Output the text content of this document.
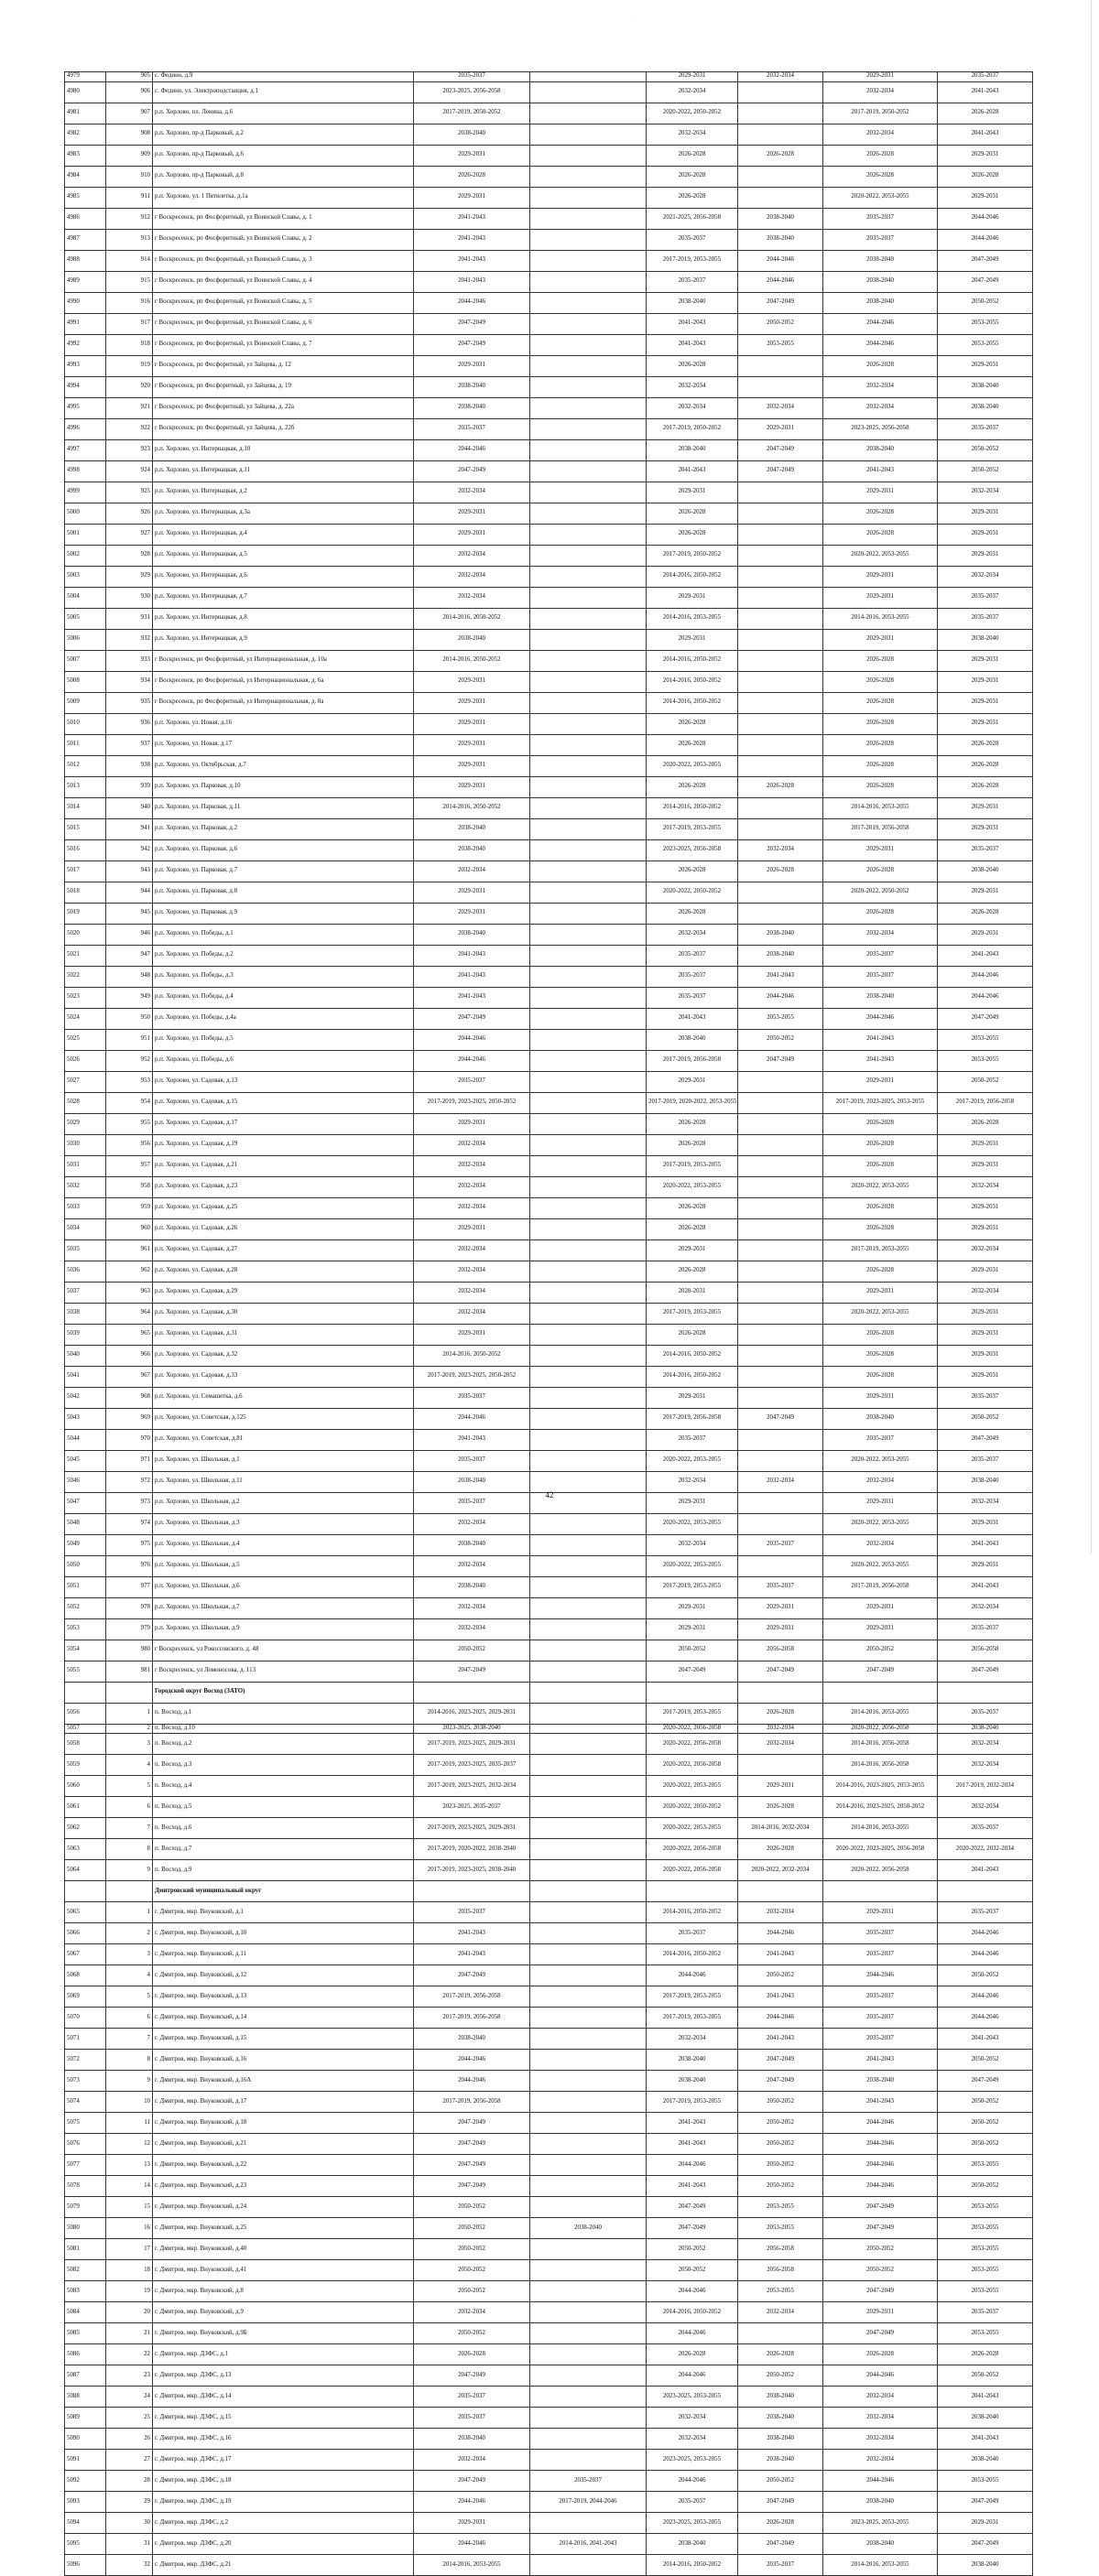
·
4979	905	с. Федино, д.9	2035-2037		2029-2031	2032-2034	2029-2031	2035-2037
4980	906	с. Федино, ул. Электроподстанция, д.1	2023-2025, 2056-2058		2032-2034		2032-2034	2041-2043
4981	907	р.п. Хорлово, пл. Ленина, д.6	2017-2019, 2050-2052		2020-2022, 2050-2052		2017-2019, 2050-2052	2026-2028
4982	908	р.п. Хорлово, пр-д Парковый, д.2	2038-2040		2032-2034		2032-2034	2041-2043
4983	909	р.п. Хорлово, пр-д Парковый, д.6	2029-2031		2026-2028	2026-2028	2026-2028	2029-2031
4984	910	р.п. Хорлово, пр-д Парковый, д.8	2026-2028		2026-2028		2026-2028	2026-2028
4985	911	р.п. Хорлово, ул. 1 Пятилетка, д.1а	2029-2031		2026-2028		2020-2022, 2053-2055	2029-2031
4986	912	г Воскресенск, рп Фосфоритный, ул Воинской Славы, д. 1	2041-2043		2021-2025, 2056-2058	2038-2040	2035-2037	2044-2046
4987	913	г Воскресенск, рп Фосфоритный, ул Воинской Славы, д. 2	2041-2043		2035-2037	2038-2040	2035-2037	2044-2046
4988	914	г Воскресенск, рп Фосфоритный, ул Воинской Славы, д. 3	2041-2043		2017-2019, 2053-2055	2044-2046	2038-2040	2047-2049
4989	915	г Воскресенск, рп Фосфоритный, ул Воинской Славы, д. 4	2041-2043		2035-2037	2044-2046	2038-2040	2047-2049
4990	916	г Воскресенск, рп Фосфоритный, ул Воинской Славы, д. 5	2044-2046		2038-2040	2047-2049	2038-2040	2050-2052
4991	917	г Воскресенск, рп Фосфоритный, ул Воинской Славы, д. 6	2047-2049		2041-2043	2050-2052	2044-2046	2053-2055
4992	918	г Воскресенск, рп Фосфоритный, ул Воинской Славы, д. 7	2047-2049		2041-2043	2053-2055	2044-2046	2053-2055
4993	919	г Воскресенск, рп Фосфоритный, ул Зайцева, д. 12	2029-2031		2026-2028		2026-2028	2029-2031
4994	920	г Воскресенск, рп Фосфоритный, ул Зайцева, д. 19	2038-2040		2032-2034		2032-2034	2038-2040
4995	921	г Воскресенск, рп Фосфоритный, ул Зайцева, д. 22а	2038-2040		2032-2034	2032-2034	2032-2034	2038-2040
4996	922	г Воскресенск, рп Фосфоритный, ул Зайцева, д. 22б	2035-2037		2017-2019, 2050-2052	2029-2031	2023-2025, 2056-2058	2035-2037
4997	923	р.п. Хорлово, ул. Интернацкая, д.10	2044-2046		2038-2040	2047-2049	2038-2040	2050-2052
4998	924	р.п. Хорлово, ул. Интернацкая, д.11	2047-2049		2041-2043	2047-2049	2041-2043	2050-2052
4999	925	р.п. Хорлово, ул. Интернацкая, д.2	2032-2034		2029-2031		2029-2031	2032-2034
5000	926	р.п. Хорлово, ул. Интернацкая, д.3а	2029-2031		2026-2028		2026-2028	2029-2031
5001	927	р.п. Хорлово, ул. Интернацкая, д.4	2029-2031		2026-2028		2026-2028	2029-2031
5002	928	р.п. Хорлово, ул. Интернацкая, д.5	2032-2034		2017-2019, 2050-2052		2020-2022, 2053-2055	2029-2031
5003	929	р.п. Хорлово, ул. Интернацкая, д.6	2032-2034		2014-2016, 2050-2052		2029-2031	2032-2034
5004	930	р.п. Хорлово, ул. Интернацкая, д.7	2032-2034		2029-2031		2029-2031	2035-2037
5005	931	р.п. Хорлово, ул. Интернацкая, д.8	2014-2016, 2050-2052		2014-2016, 2053-2055		2014-2016, 2053-2055	2035-2037
5006	932	р.п. Хорлово, ул. Интернацкая, д.9	2038-2040		2029-2031		2029-2031	2038-2040
5007	933	г Воскресенск, рп Фосфоритный, ул Интернациональная, д. 10а	2014-2016, 2050-2052		2014-2016, 2050-2052		2026-2028	2029-2031
5008	934	г Воскресенск, рп Фосфоритный, ул Интернациональная, д. 6а	2029-2031		2014-2016, 2050-2052		2026-2028	2029-2031
5009	935	г Воскресенск, рп Фосфоритный, ул Интернациональная, д. 8а	2029-2031		2014-2016, 2050-2052		2026-2028	2029-2031
5010	936	р.п. Хорлово, ул. Новая, д.16	2029-2031		2026-2028		2026-2028	2029-2031
5011	937	р.п. Хорлово, ул. Новая, д.17	2029-2031		2026-2028		2026-2028	2026-2028
5012	938	р.п. Хорлово, ул. Октябрьская, д.7	2029-2031		2020-2022, 2053-2055		2026-2028	2026-2028
5013	939	р.п. Хорлово, ул. Парковая, д.10	2029-2031		2026-2028	2026-2028	2026-2028	2026-2028
5014	940	р.п. Хорлово, ул. Парковая, д.11	2014-2016, 2050-2052		2014-2016, 2050-2052		2014-2016, 2053-2055	2029-2031
5015	941	р.п. Хорлово, ул. Парковая, д.2	2038-2040		2017-2019, 2053-2055		2017-2019, 2056-2058	2029-2031
5016	942	р.п. Хорлово, ул. Парковая, д.6	2038-2040		2023-2025, 2056-2058	2032-2034	2029-2031	2035-2037
5017	943	р.п. Хорлово, ул. Парковая, д.7	2032-2034		2026-2028	2026-2028	2026-2028	2038-2040
5018	944	р.п. Хорлово, ул. Парковая, д.8	2029-2031		2020-2022, 2050-2052		2020-2022, 2050-2052	2029-2031
5019	945	р.п. Хорлово, ул. Парковая, д.9	2029-2031		2026-2028		2026-2028	2026-2028
5020	946	р.п. Хорлово, ул. Победы, д.1	2038-2040		2032-2034	2038-2040	2032-2034	2029-2031
5021	947	р.п. Хорлово, ул. Победы, д.2	2041-2043		2035-2037	2038-2040	2035-2037	2041-2043
5022	948	р.п. Хорлово, ул. Победы, д.3	2041-2043		2035-2037	2041-2043	2035-2037	2044-2046
5023	949	р.п. Хорлово, ул. Победы, д.4	2041-2043		2035-2037	2044-2046	2038-2040	2044-2046
5024	950	р.п. Хорлово, ул. Победы, д.4а	2047-2049		2041-2043	2053-2055	2044-2046	2047-2049
5025	951	р.п. Хорлово, ул. Победы, д.5	2044-2046		2038-2040	2050-2052	2041-2043	2053-2055
5026	952	р.п. Хорлово, ул. Победы, д.6	2044-2046		2017-2019, 2056-2058	2047-2049	2041-2043	2053-2055
5027	953	р.п. Хорлово, ул. Садовая, д.13	2035-2037		2029-2031		2029-2031	2050-2052
5028	954	р.п. Хорлово, ул. Садовая, д.15	2017-2019, 2023-2025, 2050-2052		2017-2019, 2020-2022, 2053-2055		2017-2019, 2023-2025, 2053-2055	2017-2019, 2056-2058
5029	955	р.п. Хорлово, ул. Садовая, д.17	2029-2031		2026-2028		2026-2028	2026-2028
5030	956	р.п. Хорлово, ул. Садовая, д.19	2032-2034		2026-2028		2026-2028	2029-2031
5031	957	р.п. Хорлово, ул. Садовая, д.21	2032-2034		2017-2019, 2053-2055		2026-2028	2029-2031
5032	958	р.п. Хорлово, ул. Садовая, д.23	2032-2034		2020-2022, 2053-2055		2020-2022, 2053-2055	2032-2034
5033	959	р.п. Хорлово, ул. Садовая, д.25	2032-2034		2026-2028		2026-2028	2029-2031
5034	960	р.п. Хорлово, ул. Садовая, д.26	2029-2031		2026-2028		2026-2028	2029-2031
5035	961	р.п. Хорлово, ул. Садовая, д.27	2032-2034		2029-2031		2017-2019, 2053-2055	2032-2034
5036	962	р.п. Хорлово, ул. Садовая, д.28	2032-2034		2026-2028		2026-2028	2029-2031
5037	963	р.п. Хорлово, ул. Садовая, д.29	2032-2034		2020-2031		2029-2031	2032-2034
5038	964	р.п. Хорлово, ул. Садовая, д.30	2032-2034		2017-2019, 2053-2055		2020-2022, 2053-2055	2029-2031
5039	965	р.п. Хорлово, ул. Садовая, д.31	2029-2031		2026-2028		2026-2028	2029-2031
5040	966	р.п. Хорлово, ул. Садовая, д.32	2014-2016, 2050-2052		2014-2016, 2050-2052		2026-2028	2029-2031
5041	967	р.п. Хорлово, ул. Садовая, д.33	2017-2019, 2023-2025, 2050-2052		2014-2016, 2050-2052		2026-2028	2029-2031
5042	968	р.п. Хорлово, ул. Семашетка, д.6	2035-2037		2029-2031		2029-2031	2035-2037
5043	969	р.п. Хорлово, ул. Советская, д.125	2044-2046		2017-2019, 2056-2058	2047-2049	2038-2040	2050-2052
5044	970	р.п. Хорлово, ул. Советская, д.81	2041-2043		2035-2037		2035-2037	2047-2049
5045	971	р.п. Хорлово, ул. Школьная, д.1	2035-2037		2020-2022, 2053-2055		2020-2022, 2053-2055	2035-2037
5046	972	р.п. Хорлово, ул. Школьная, д.11	2038-2040		2032-2034	2032-2034	2032-2034	2038-2040
5047	973	р.п. Хорлово, ул. Школьная, д.2	2035-2037		2029-2031		2029-2031	2032-2034
5048	974	р.п. Хорлово, ул. Школьная, д.3	2032-2034		2020-2022, 2053-2055		2020-2022, 2053-2055	2029-2031
5049	975	р.п. Хорлово, ул. Школьная, д.4	2038-2040		2032-2034	2035-2037	2032-2034	2041-2043
5050	976	р.п. Хорлово, ул. Школьная, д.5	2032-2034		2020-2022, 2053-2055		2020-2022, 2053-2055	2029-2031
5051	977	р.п. Хорлово, ул. Школьная, д.6	2038-2040		2017-2019, 2053-2055	2035-2037	2017-2019, 2056-2058	2041-2043
5052	978	р.п. Хорлово, ул. Школьная, д.7	2032-2034		2029-2031	2029-2031	2029-2031	2032-2034
5053	979	р.п. Хорлово, ул. Школьная, д.9	2032-2034		2029-2031	2029-2031	2029-2031	2035-2037
5054	980	г Воскресенск, ул Рокоссовского, д. 48	2050-2052		2050-2052	2056-2058	2050-2052	2056-2058
5055	981	г Воскресенск, ул Ломоносова, д. 113	2047-2049		2047-2049	2047-2049	2047-2049	2047-2049
		Городской округ Восход (ЗАТО)						
5056	1	п. Восход, д.1	2014-2016, 2023-2025, 2029-2031		2017-2019, 2053-2055	2026-2028	2014-2016, 2053-2055	2035-2037
5057	2	п. Восход, д.10	2023-2025, 2038-2040		2020-2022, 2056-2058	2032-2034	2020-2022, 2056-2058	2038-2040
5058	3	п. Восход, д.2	2017-2019, 2023-2025, 2029-2031		2020-2022, 2056-2058	2032-2034	2014-2016, 2056-2058	2032-2034
5059	4	п. Восход, д.3	2017-2019, 2023-2025, 2035-2037		2020-2022, 2056-2058		2014-2016, 2056-2058	2032-2034
5060	5	п. Восход, д.4	2017-2019, 2023-2025, 2032-2034		2020-2022, 2053-2055	2029-2031	2014-2016, 2023-2025, 2053-2055	2017-2019, 2032-2034
5061	6	п. Восход, д.5	2023-2025, 2035-2037		2020-2022, 2050-2052	2026-2028	2014-2016, 2023-2025, 2050-2052	2032-2034
5062	7	п. Восход, д.6	2017-2019, 2023-2025, 2029-2031		2020-2022, 2053-2055	2014-2016, 2032-2034	2014-2016, 2053-2055	2035-2037
5063	8	п. Восход, д.7	2017-2019, 2020-2022, 2038-2040		2020-2022, 2056-2058	2026-2028	2020-2022, 2023-2025, 2056-2058	2020-2022, 2032-2034
5064	9	п. Восход, д.9	2017-2019, 2023-2025, 2038-2040		2020-2022, 2056-2058	2020-2022, 2032-2034	2020-2022, 2056-2058	2041-2043
		Дмитровский муниципальный округ						
5065	1	г. Дмитров, мкр. Внуковский, д.1	2035-2037		2014-2016, 2050-2052	2032-2034	2029-2031	2035-2037
5066	2	г. Дмитров, мкр. Внуковский, д.10	2041-2043		2035-2037	2044-2046	2035-2037	2044-2046
5067	3	г. Дмитров, мкр. Внуковский, д.11	2041-2043		2014-2016, 2050-2052	2041-2043	2035-2037	2044-2046
5068	4	г. Дмитров, мкр. Внуковский, д.12	2047-2049		2044-2046	2050-2052	2044-2046	2050-2052
5069	5	г. Дмитров, мкр. Внуковский, д.13	2017-2019, 2056-2058		2017-2019, 2053-2055	2041-2043	2035-2037	2044-2046
5070	6	г. Дмитров, мкр. Внуковский, д.14	2017-2019, 2056-2058		2017-2019, 2053-2055	2044-2046	2035-2037	2044-2046
5071	7	г. Дмитров, мкр. Внуковский, д.15	2038-2040		2032-2034	2041-2043	2035-2037	2041-2043
5072	8	г. Дмитров, мкр. Внуковский, д.16	2044-2046		2038-2040	2047-2049	2041-2043	2050-2052
5073	9	г. Дмитров, мкр. Внуковский, д.16А	2044-2046		2038-2040	2047-2049	2038-2040	2047-2049
5074	10	г. Дмитров, мкр. Внуковский, д.17	2017-2019, 2056-2058		2017-2019, 2053-2055	2050-2052	2041-2043	2050-2052
5075	11	г. Дмитров, мкр. Внуковский, д.18	2047-2049		2041-2043	2050-2052	2044-2046	2050-2052
5076	12	г. Дмитров, мкр. Внуковский, д.21	2047-2049		2041-2043	2050-2052	2044-2046	2050-2052
5077	13	г. Дмитров, мкр. Внуковский, д.22	2047-2049		2044-2046	2050-2052	2044-2046	2053-2055
5078	14	г. Дмитров, мкр. Внуковский, д.23	2047-2049		2041-2043	2050-2052	2044-2046	2050-2052
5079	15	г. Дмитров, мкр. Внуковский, д.24	2050-2052		2047-2049	2053-2055	2047-2049	2053-2055
5080	16	г. Дмитров, мкр. Внуковский, д.25	2050-2052	2038-2040	2047-2049	2053-2055	2047-2049	2053-2055
5081	17	г. Дмитров, мкр. Внуковский, д.40	2050-2052		2050-2052	2056-2058	2050-2052	2053-2055
5082	18	г. Дмитров, мкр. Внуковский, д.41	2050-2052		2050-2052	2056-2058	2050-2052	2053-2055
5083	19	г. Дмитров, мкр. Внуковский, д.8	2050-2052		2044-2046	2053-2055	2047-2049	2053-2055
5084	20	г. Дмитров, мкр. Внуковский, д.9	2032-2034		2014-2016, 2050-2052	2032-2034	2029-2031	2035-2037
5085	21	г. Дмитров, мкр. Внуковский, д.9Б	2050-2052		2044-2046		2047-2049	2053-2055
5086	22	г. Дмитров, мкр. ДЗФС, д.1	2026-2028		2026-2028	2026-2028	2026-2028	2026-2028
5087	23	г. Дмитров, мкр. ДЗФС, д.13	2047-2049		2044-2046	2050-2052	2044-2046	2050-2052
5088	24	г. Дмитров, мкр. ДЗФС, д.14	2035-2037		2023-2025, 2053-2055	2038-2040	2032-2034	2041-2043
5089	25	г. Дмитров, мкр. ДЗФС, д.15	2035-2037		2032-2034	2038-2040	2032-2034	2038-2040
5090	26	г. Дмитров, мкр. ДЗФС, д.16	2038-2040		2032-2034	2038-2040	2032-2034	2041-2043
5091	27	г. Дмитров, мкр. ДЗФС, д.17	2032-2034		2023-2025, 2053-2055	2038-2040	2032-2034	2038-2040
5092	28	г. Дмитров, мкр. ДЗФС, д.18	2047-2049	2035-2037	2044-2046	2050-2052	2044-2046	2053-2055
5093	29	г. Дмитров, мкр. ДЗФС, д.19	2044-2046	2017-2019, 2044-2046	2035-2037	2047-2049	2038-2040	2047-2049
5094	30	г. Дмитров, мкр. ДЗФС, д.2	2029-2031		2023-2025, 2053-2055	2026-2028	2023-2025, 2053-2055	2029-2031
5095	31	г. Дмитров, мкр. ДЗФС, д.20	2044-2046	2014-2016, 2041-2043	2038-2040	2047-2049	2038-2040	2047-2049
5096	32	г. Дмитров, мкр. ДЗФС, д.21	2014-2016, 2053-2055		2014-2016, 2050-2052	2035-2037	2014-2016, 2053-2055	2038-2040
42
